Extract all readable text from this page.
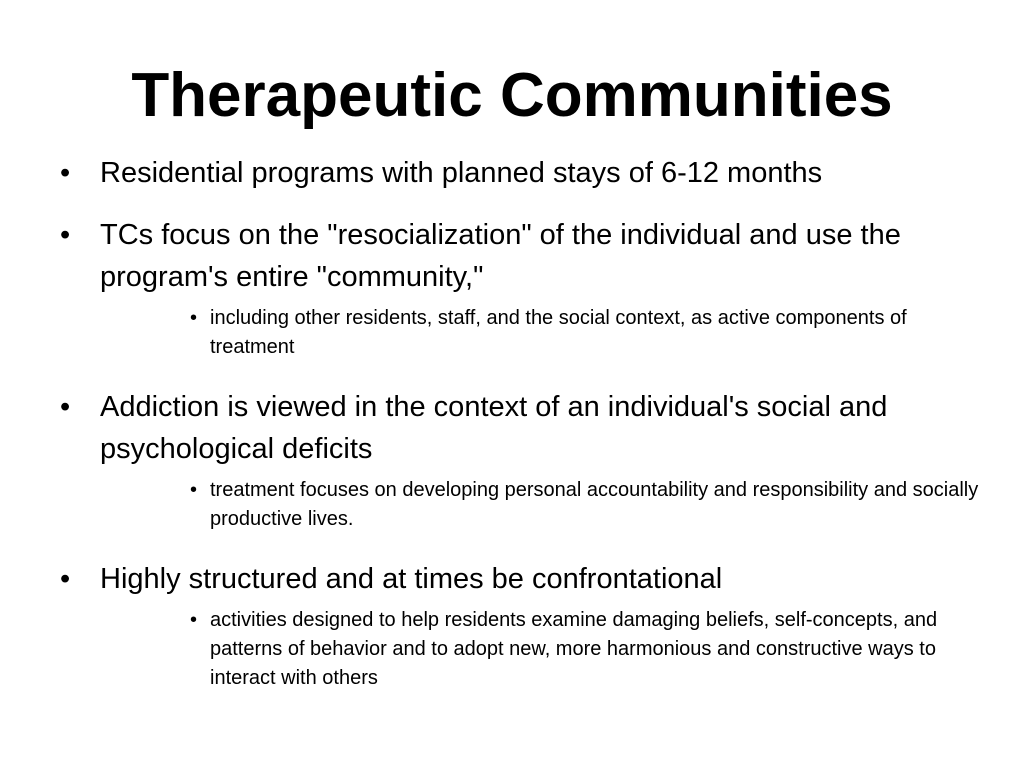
Therapeutic Communities
• Residential programs with planned stays of 6-12 months
• TCs focus on the "resocialization" of the individual and use the program's entire "community,"
• including other residents, staff, and the social context, as active components of treatment
• Addiction is viewed in the context of an individual's social and psychological deficits
• treatment focuses on developing personal accountability and responsibility and socially productive lives.
• Highly structured and at times be confrontational
• activities designed to help residents examine damaging beliefs, self-concepts, and patterns of behavior and to adopt new, more harmonious and constructive ways to interact with others
